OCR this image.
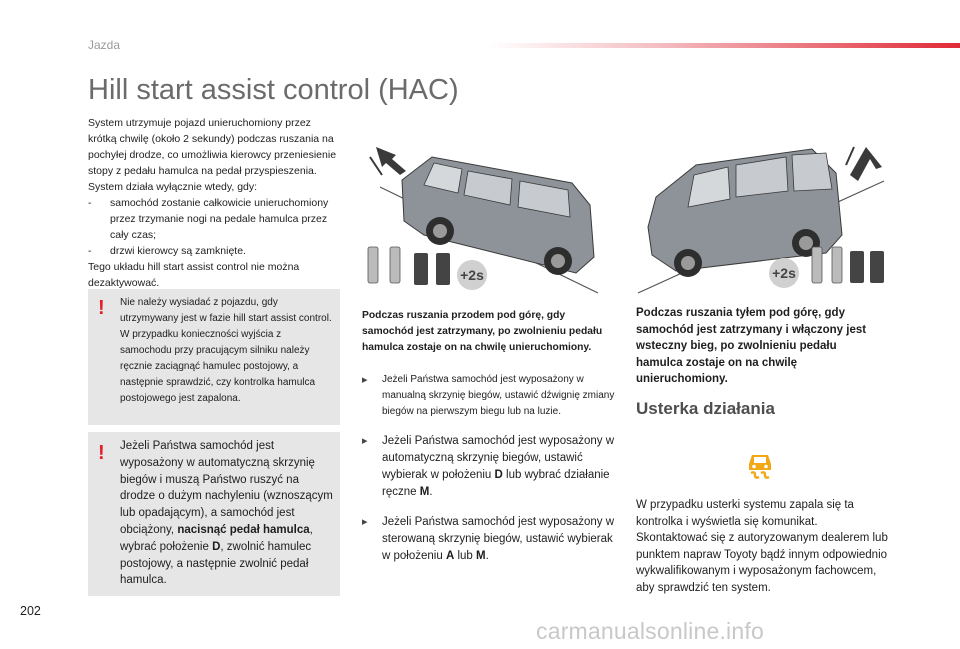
Jazda
Hill start assist control (HAC)

System utrzymuje pojazd unieruchomiony przez krótką chwilę (około 2 sekundy) podczas ruszania na pochyłej drodze, co umożliwia kierowcy przeniesienie stopy z pedału hamulca na pedał przyspieszenia.

System działa wyłącznie wtedy, gdy:

-	samochód zostanie całkowicie unieruchomiony przez trzymanie nogi na pedale hamulca przez cały czas;
-	drzwi kierowcy są zamknięte.

Tego układu hill start assist control nie można dezaktywować.

! Nie należy wysiadać z pojazdu, gdy utrzymywany jest w fazie hill start assist control.

W przypadku konieczności wyjścia z samochodu przy pracującym silniku należy ręcznie zaciągnąć hamulec postojowy, a następnie sprawdzić, czy kontrolka hamulca postojowego jest zapalona.

! Jeżeli Państwa samochód jest wyposażony w automatyczną skrzynię biegów i muszą Państwo ruszyć na drodze o dużym nachyleniu (wznoszącym lub opadającym), a samochód jest obciążony, nacisnąć pedał hamulca, wybrać położenie D, zwolnić hamulec postojowy, a następnie zwolnić pedał hamulca.

+2s	+2s
Podczas ruszania przodem pod górę, gdy samochód jest zatrzymany, po zwolnieniu pedału hamulca zostaje on na chwilę unieruchomiony.
Podczas ruszania tyłem pod górę, gdy samochód jest zatrzymany i włączony jest wsteczny bieg, po zwolnieniu pedału hamulca zostaje on na chwilę unieruchomiony.
▸	Jeżeli Państwa samochód jest wyposażony w manualną skrzynię biegów, ustawić dźwignię zmiany biegów na pierwszym biegu lub na luzie.
▸	Jeżeli Państwa samochód jest wyposażony w automatyczną skrzynię biegów, ustawić wybierak w położeniu D lub wybrać działanie ręczne M.
▸	Jeżeli Państwa samochód jest wyposażony w sterowaną skrzynię biegów, ustawić wybierak w położeniu A lub M.
Usterka działania
W przypadku usterki systemu zapala się ta kontrolka i wyświetla się komunikat. Skontaktować się z autoryzowanym dealerem lub punktem napraw Toyoty bądź innym odpowiednio wykwalifikowanym i wyposażonym fachowcem, aby sprawdzić ten system.
202
carmanualsonline.info
